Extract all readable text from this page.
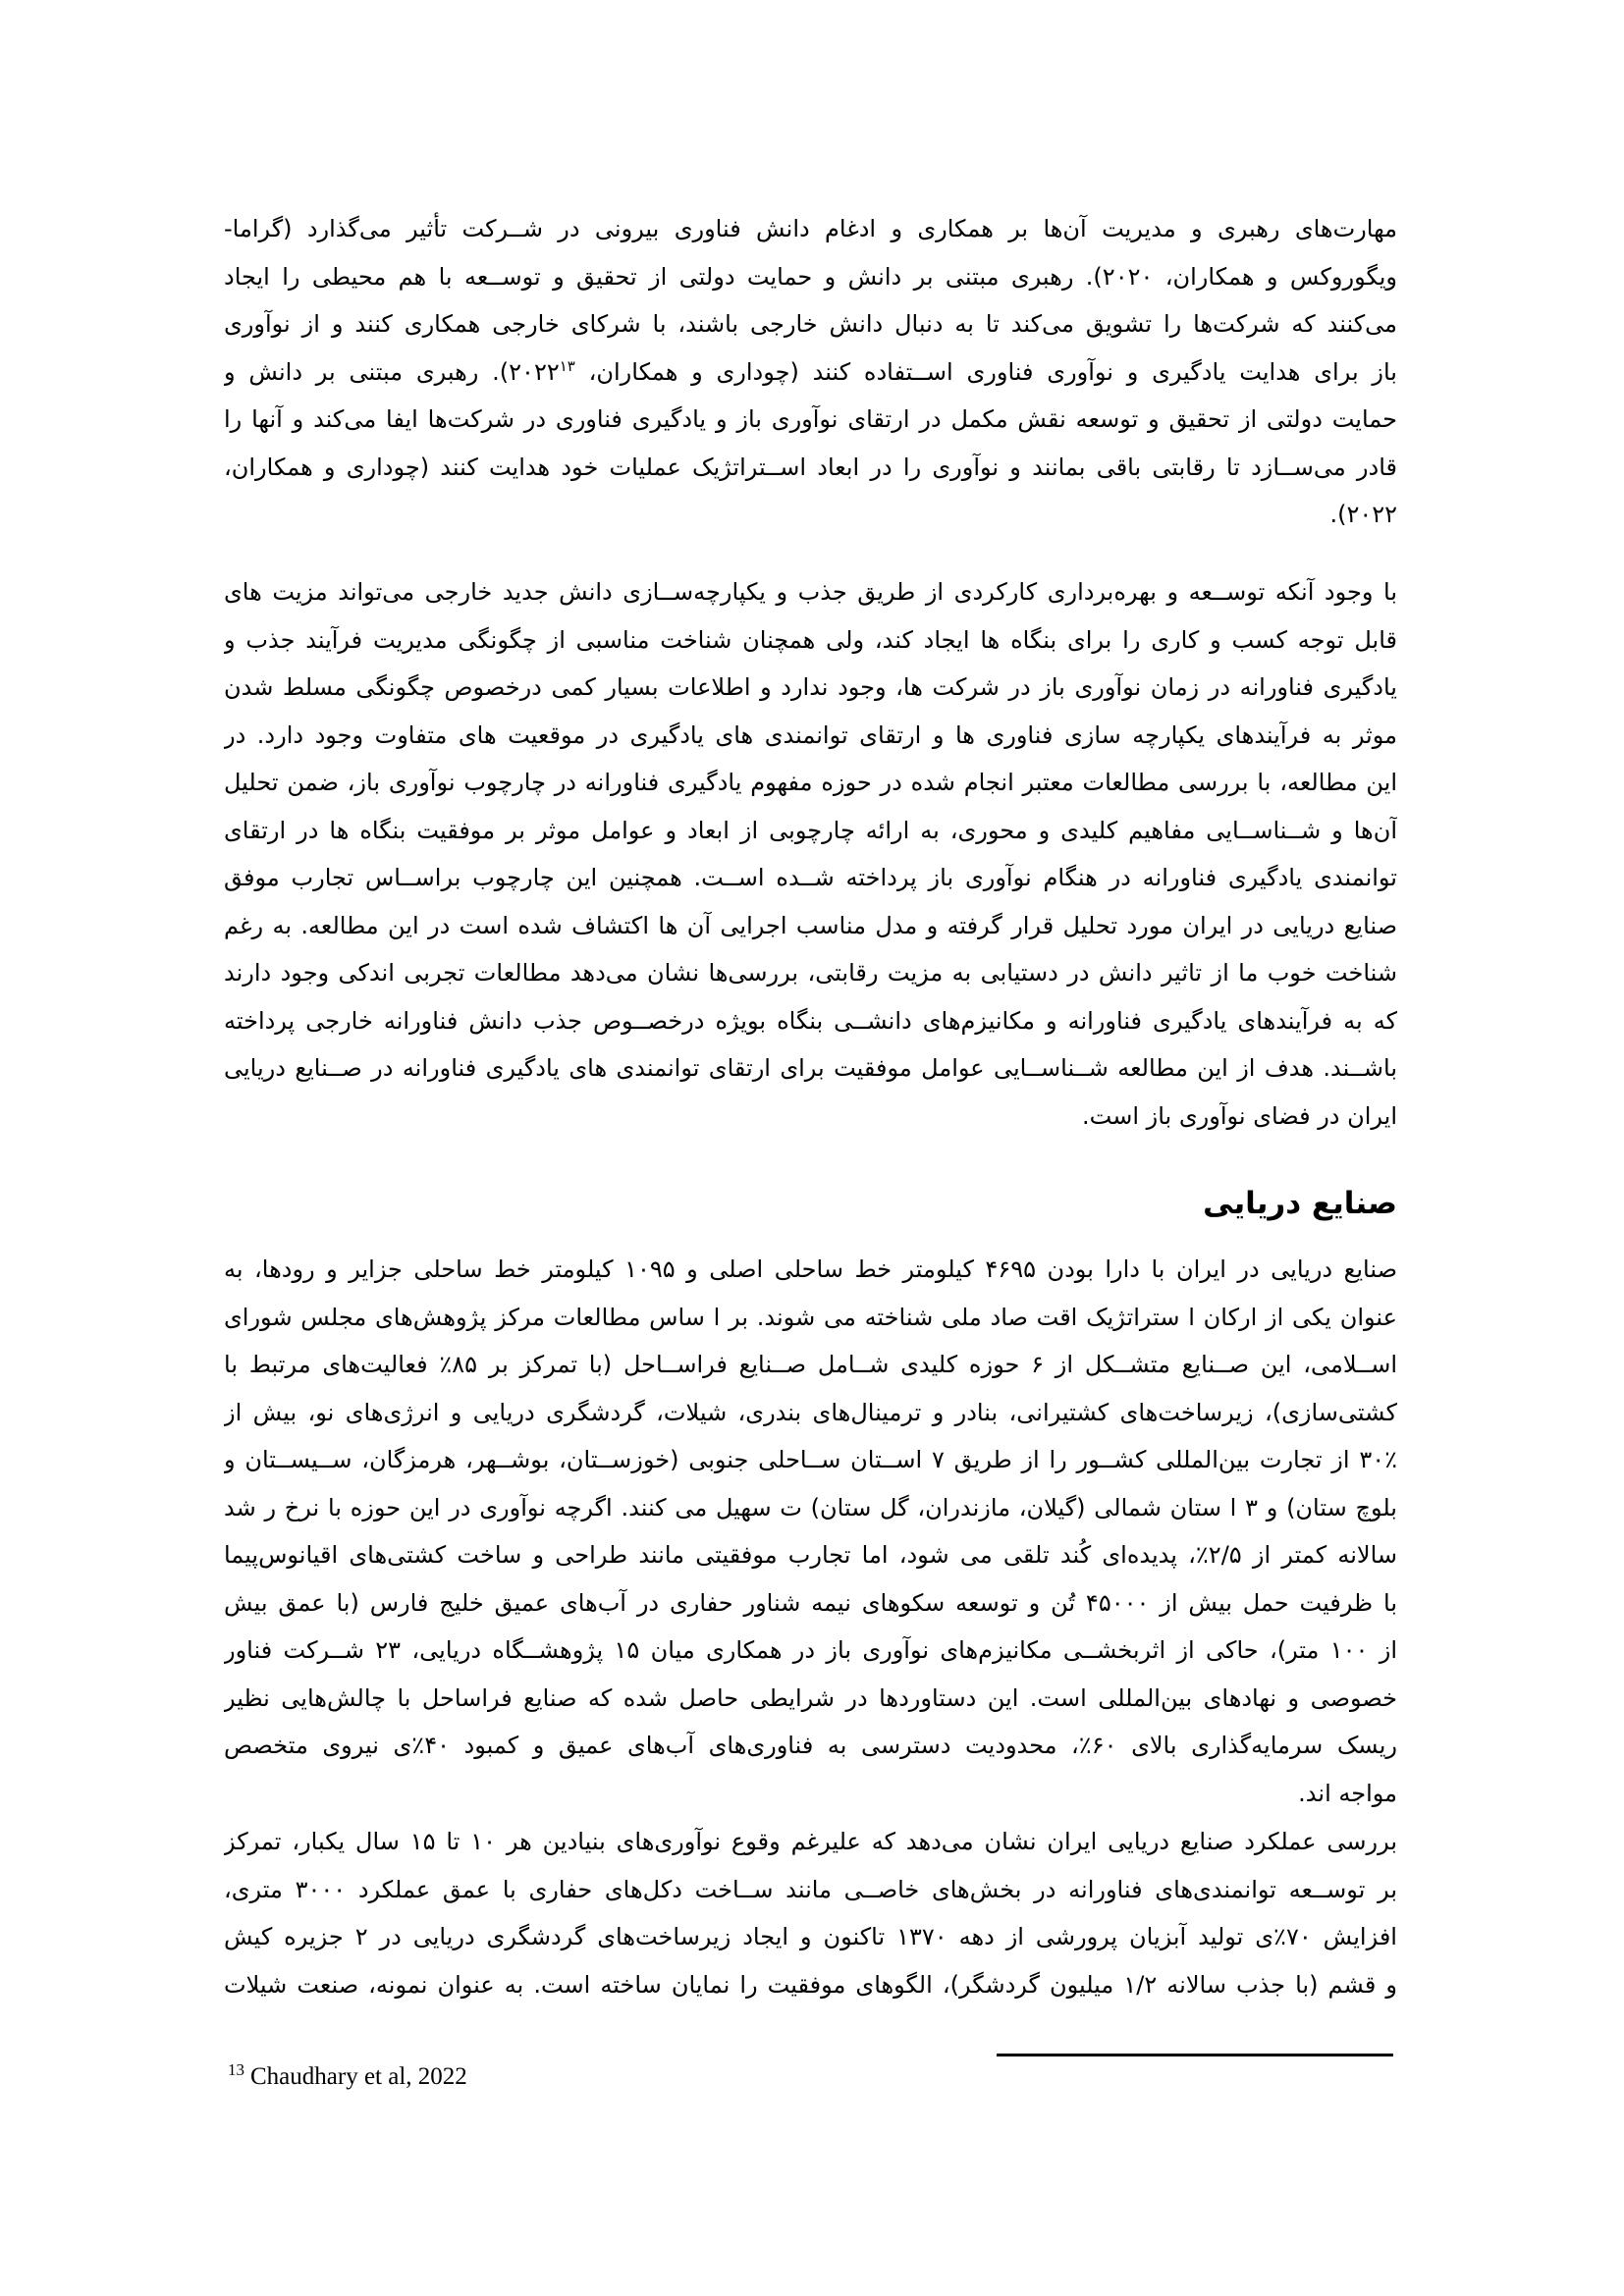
مهارت‌های رهبری و مدیریت آن‌ها بر همکاری و ادغام دانش فناوری بیرونی در شــرکت تأثیر می‌گذارد (گراما-
ویگوروکس و همکاران، ۲۰۲۰). رهبری مبتنی بر دانش و حمایت دولتی از تحقیق و توســعه با هم محیطی را ایجاد
می‌کنند که شرکت‌ها را تشویق می‌کند تا به دنبال دانش خارجی باشند، با شرکای خارجی همکاری کنند و از نوآوری
باز برای هدایت یادگیری و نوآوری فناوری اســتفاده کنند (چوداری و همکاران، ۲۰۲۲$^{۱۳}$). رهبری مبتنی بر دانش و
حمایت دولتی از تحقیق و توسعه نقش مکمل در ارتقای نوآوری باز و یادگیری فناوری در شرکت‌ها ایفا می‌کند و آنها را
قادر می‌ســازد تا رقابتی باقی بمانند و نوآوری را در ابعاد اســتراتژیک عملیات خود هدایت کنند (چوداری و همکاران،
۲۰۲۲).
با وجود آنکه توســعه و بهره‌برداری کارکردی از طریق جذب و یکپارچه‌ســازی دانش جدید خارجی می‌تواند مزیت های
قابل توجه کسب و کاری را برای بنگاه ها ایجاد کند، ولی همچنان شناخت مناسبی از چگونگی مدیریت فرآیند جذب و
یادگیری فناورانه در زمان نوآوری باز در شرکت ها، وجود ندارد و اطلاعات بسیار کمی درخصوص چگونگی مسلط شدن
موثر به فرآیندهای یکپارچه سازی فناوری ها و ارتقای توانمندی های یادگیری در موقعیت های متفاوت وجود دارد. در
این مطالعه، با بررسی مطالعات معتبر انجام شده در حوزه مفهوم یادگیری فناورانه در چارچوب نوآوری باز، ضمن تحلیل
آن‌ها و شــناســایی مفاهیم کلیدی و محوری، به ارائه چارچوبی از ابعاد و عوامل موثر بر موفقیت بنگاه ها در ارتقای
توانمندی یادگیری فناورانه در هنگام نوآوری باز پرداخته شــده اســت. همچنین این چارچوب براســاس تجارب موفق
صنایع دریایی در ایران مورد تحلیل قرار گرفته و مدل مناسب اجرایی آن ها اکتشاف شده است در این مطالعه. به رغم
شناخت خوب ما از تاثیر دانش در دستیابی به مزیت رقابتی، بررسی‌ها نشان می‌دهد مطالعات تجربی اندکی وجود دارند
که به فرآیندهای یادگیری فناورانه و مکانیزم‌های دانشــی بنگاه بویژه درخصــوص جذب دانش فناورانه خارجی پرداخته
باشــند. هدف از این مطالعه شــناســایی عوامل موفقیت برای ارتقای توانمندی های یادگیری فناورانه در صــنایع دریایی
ایران در فضای نوآوری باز است.
صنایع دریایی
صنایع دریایی در ایران با دارا بودن ۴۶۹۵ کیلومتر خط ساحلی اصلی و ۱۰۹۵ کیلومتر خط ساحلی جزایر و رودها، به
عنوان یکی از ارکان ا ستراتژیک اقت صاد ملی شناخته می شوند. بر ا ساس مطالعات مرکز پژوهش‌های مجلس شورای
اســلامی، این صــنایع متشــکل از ۶ حوزه کلیدی شــامل صــنایع فراســاحل (با تمرکز بر ۸۵٪ فعالیت‌های مرتبط با
کشتی‌سازی)، زیرساخت‌های کشتیرانی، بنادر و ترمینال‌های بندری، شیلات، گردشگری دریایی و انرژی‌های نو، بیش از
۳۰٪ از تجارت بین‌المللی کشــور را از طریق ۷ اســتان ســاحلی جنوبی (خوزســتان، بوشــهر، هرمزگان، ســیســتان و
بلوچ ستان) و ۳ ا ستان شمالی (گیلان، مازندران، گل ستان) ت سهیل می کنند. اگرچه نوآوری در این حوزه با نرخ ر شد
سالانه کمتر از ۲/۵٪، پدیده‌ای کُند تلقی می شود، اما تجارب موفقیتی مانند طراحی و ساخت کشتی‌های اقیانوس‌پیما
با ظرفیت حمل بیش از ۴۵۰۰۰ تُن و توسعه سکوهای نیمه شناور حفاری در آب‌های عمیق خلیج فارس (با عمق بیش
از ۱۰۰ متر)، حاکی از اثربخشــی مکانیزم‌های نوآوری باز در همکاری میان ۱۵ پژوهشــگاه دریایی، ۲۳ شــرکت فناور
خصوصی و نهادهای بین‌المللی است. این دستاوردها در شرایطی حاصل شده که صنایع فراساحل با چالش‌هایی نظیر
ریسک سرمایه‌گذاری بالای ۶۰٪، محدودیت دسترسی به فناوری‌های آب‌های عمیق و کمبود ۴۰٪ی نیروی متخصص
مواجه اند.
بررسی عملکرد صنایع دریایی ایران نشان می‌دهد که علیرغم وقوع نوآوری‌های بنیادین هر ۱۰ تا ۱۵ سال یکبار، تمرکز
بر توســعه توانمندی‌های فناورانه در بخش‌های خاصــی مانند ســاخت دکل‌های حفاری با عمق عملکرد ۳۰۰۰ متری،
افزایش ۷۰٪ی تولید آبزیان پرورشی از دهه ۱۳۷۰ تاکنون و ایجاد زیرساخت‌های گردشگری دریایی در ۲ جزیره کیش
و قشم (با جذب سالانه ۱/۲ میلیون گردشگر)، الگوهای موفقیت را نمایان ساخته است. به عنوان نمونه، صنعت شیلات
$^{13}$ Chaudhary et al, 2022
